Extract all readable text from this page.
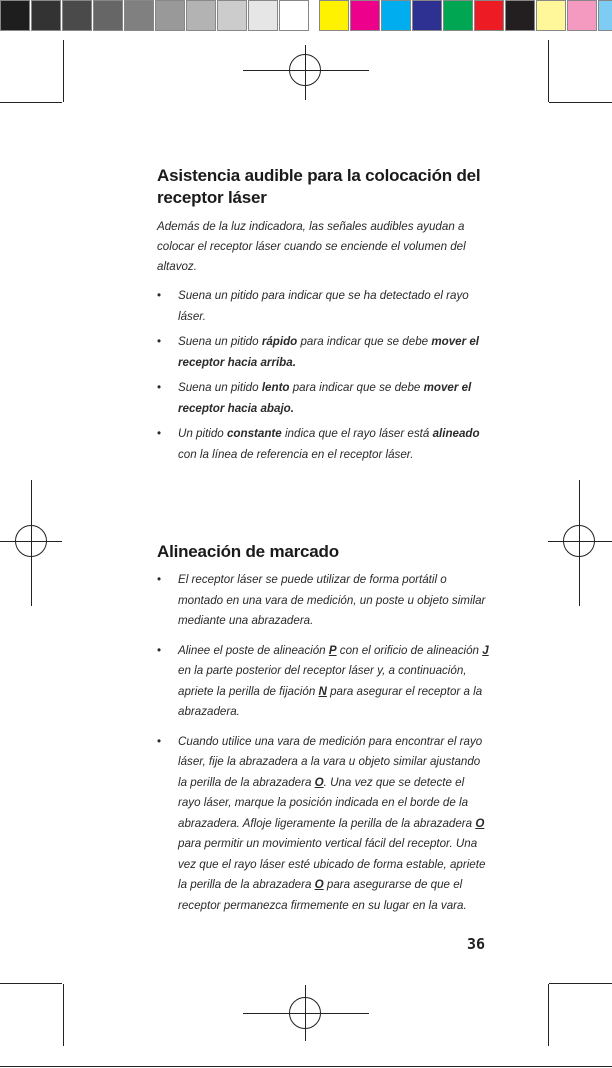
Asistencia audible para la colocación del receptor láser

Además de la luz indicadora, las señales audibles ayudan a colocar el receptor láser cuando se enciende el volumen del altavoz.

• Suena un pitido para indicar que se ha detectado el rayo láser.
• Suena un pitido rápido para indicar que se debe mover el receptor hacia arriba.
• Suena un pitido lento para indicar que se debe mover el receptor hacia abajo.
• Un pitido constante indica que el rayo láser está alineado con la línea de referencia en el receptor láser.
Alineación de marcado
• El receptor láser se puede utilizar de forma portátil o montado en una vara de medición, un poste u objeto similar mediante una abrazadera.
• Alinee el poste de alineación P con el orificio de alineación J en la parte posterior del receptor láser y, a continuación, apriete la perilla de fijación N para asegurar el receptor a la abrazadera.
• Cuando utilice una vara de medición para encontrar el rayo láser, fije la abrazadera a la vara u objeto similar ajustando la perilla de la abrazadera O. Una vez que se detecte el rayo láser, marque la posición indicada en el borde de la abrazadera. Afloje ligeramente la perilla de la abrazadera O para permitir un movimiento vertical fácil del receptor. Una vez que el rayo láser esté ubicado de forma estable, apriete la perilla de la abrazadera O para asegurarse de que el receptor permanezca firmemente en su lugar en la vara.
36
